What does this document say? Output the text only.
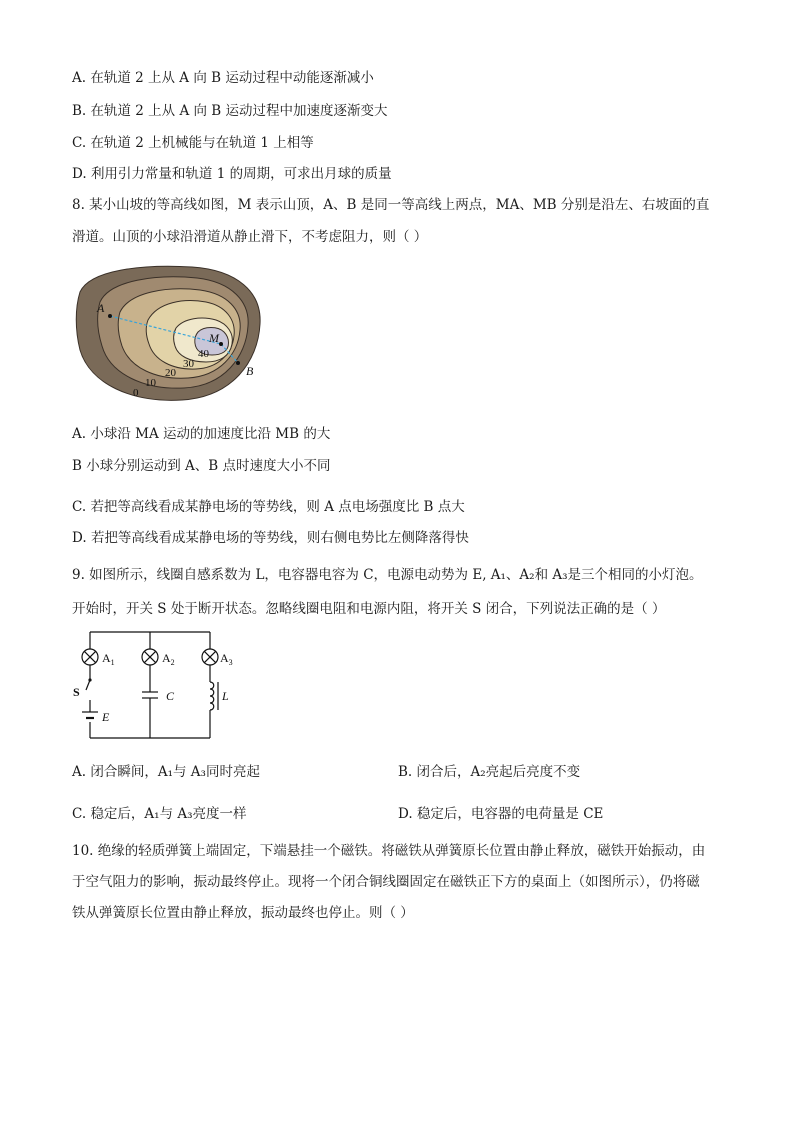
A. 在轨道 2 上从 A 向 B 运动过程中动能逐渐减小
B. 在轨道 2 上从 A 向 B 运动过程中加速度逐渐变大
C. 在轨道 2 上机械能与在轨道 1 上相等
D. 利用引力常量和轨道 1 的周期，可求出月球的质量
8. 某小山坡的等高线如图，M 表示山顶，A、B 是同一等高线上两点，MA、MB 分别是沿左、右坡面的直
滑道。山顶的小球沿滑道从静止滑下，不考虑阻力，则（ ）
A
M
B
40
30
20
10
0
A. 小球沿 MA 运动的加速度比沿 MB 的大
B 小球分别运动到 A、B 点时速度大小不同
C. 若把等高线看成某静电场的等势线，则 A 点电场强度比 B 点大
D. 若把等高线看成某静电场的等势线，则右侧电势比左侧降落得快
9. 如图所示，线圈自感系数为 L，电容器电容为 C，电源电动势为 E, A₁、A₂和 A₃是三个相同的小灯泡。
开始时，开关 S 处于断开状态。忽略线圈电阻和电源内阻，将开关 S 闭合，下列说法正确的是（ ）
$A_1$	$A_2$	$A_3$
S	C	L
E
A. 闭合瞬间，A₁与 A₃同时亮起	B. 闭合后，A₂亮起后亮度不变
C. 稳定后，A₁与 A₃亮度一样	D. 稳定后，电容器的电荷量是 CE
10. 绝缘的轻质弹簧上端固定，下端悬挂一个磁铁。将磁铁从弹簧原长位置由静止释放，磁铁开始振动，由
于空气阻力的影响，振动最终停止。现将一个闭合铜线圈固定在磁铁正下方的桌面上（如图所示），仍将磁
铁从弹簧原长位置由静止释放，振动最终也停止。则（ ）
